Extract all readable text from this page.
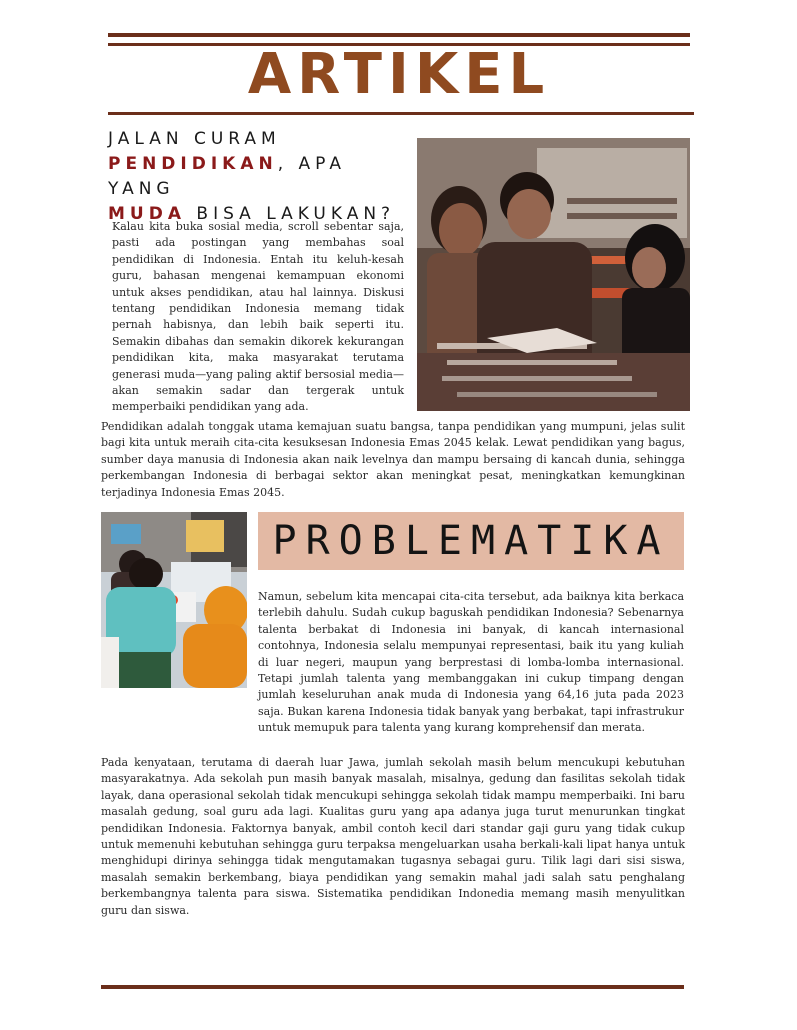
ARTIKEL
JALAN CURAM
PENDIDIKAN, APA YANG
MUDA BISA LAKUKAN?

Kalau kita buka sosial media, scroll sebentar saja, pasti ada postingan yang membahas soal pendidikan di Indonesia. Entah itu keluh-kesah guru, bahasan mengenai kemampuan ekonomi untuk akses pendidikan, atau hal lainnya. Diskusi tentang pendidikan Indonesia memang tidak pernah habisnya, dan lebih baik seperti itu. Semakin dibahas dan semakin dikorek kekurangan pendidikan kita, maka masyarakat terutama generasi muda—yang paling aktif bersosial media—akan semakin sadar dan tergerak untuk memperbaiki pendidikan yang ada.

Pendidikan adalah tonggak utama kemajuan suatu bangsa, tanpa pendidikan yang mumpuni, jelas sulit bagi kita untuk meraih cita-cita kesuksesan Indonesia Emas 2045 kelak. Lewat pendidikan yang bagus, sumber daya manusia di Indonesia akan naik levelnya dan mampu bersaing di kancah dunia, sehingga perkembangan Indonesia di berbagai sektor akan meningkat pesat, meningkatkan kemungkinan terjadinya Indonesia Emas 2045.

PROBLEMATIKA

Namun, sebelum kita mencapai cita-cita tersebut, ada baiknya kita berkaca terlebih dahulu. Sudah cukup baguskah pendidikan Indonesia? Sebenarnya talenta berbakat di Indonesia ini banyak, di kancah internasional contohnya, Indonesia selalu mempunyai representasi, baik itu yang kuliah di luar negeri, maupun yang berprestasi di lomba-lomba internasional. Tetapi jumlah talenta yang membanggakan ini cukup timpang dengan jumlah keseluruhan anak muda di Indonesia yang 64,16 juta pada 2023 saja. Bukan karena Indonesia tidak banyak yang berbakat, tapi infrastrukur untuk memupuk para talenta yang kurang komprehensif dan merata.

Pada kenyataan, terutama di daerah luar Jawa, jumlah sekolah masih belum mencukupi kebutuhan masyarakatnya. Ada sekolah pun masih banyak masalah, misalnya, gedung dan fasilitas sekolah tidak layak, dana operasional sekolah tidak mencukupi sehingga sekolah tidak mampu memperbaiki. Ini baru masalah gedung, soal guru ada lagi. Kualitas guru yang apa adanya juga turut menurunkan tingkat pendidikan Indonesia. Faktornya banyak, ambil contoh kecil dari standar gaji guru yang tidak cukup untuk memenuhi kebutuhan sehingga guru terpaksa mengeluarkan usaha berkali-kali lipat hanya untuk menghidupi dirinya sehingga tidak mengutamakan tugasnya sebagai guru. Tilik lagi dari sisi siswa, masalah semakin berkembang, biaya pendidikan yang semakin mahal jadi salah satu penghalang berkembangnya talenta para siswa. Sistematika pendidikan Indonedia memang masih menyulitkan guru dan siswa.
